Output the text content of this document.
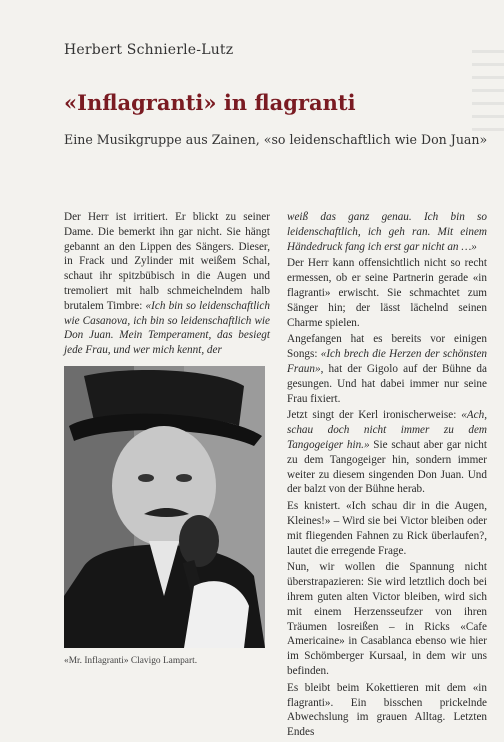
Herbert Schnierle-Lutz
«Inflagranti» in flagranti
Eine Musikgruppe aus Zainen, «so leidenschaftlich wie Don Juan»

Der Herr ist irritiert. Er blickt zu seiner Dame. Die bemerkt ihn gar nicht. Sie hängt gebannt an den Lippen des Sängers. Dieser, in Frack und Zylinder mit weißem Schal, schaut ihr spitzbübisch in die Augen und tremoliert mit halb schmeichelndem halb brutalem Timbre: «Ich bin so leidenschaftlich wie Casanova, ich bin so leidenschaftlich wie Don Juan. Mein Temperament, das besiegt jede Frau, und wer mich kennt, der

«Mr. Inflagranti» Clavigo Lampart.

weiß das ganz genau. Ich bin so leidenschaftlich, ich geh ran. Mit einem Händedruck fang ich erst gar nicht an …»

Der Herr kann offensichtlich nicht so recht ermessen, ob er seine Partnerin gerade «in flagranti» erwischt. Sie schmachtet zum Sänger hin; der lässt lächelnd seinen Charme spielen.

Angefangen hat es bereits vor einigen Songs: «Ich brech die Herzen der schönsten Fraun», hat der Gigolo auf der Bühne da gesungen. Und hat dabei immer nur seine Frau fixiert.

Jetzt singt der Kerl ironischerweise: «Ach, schau doch nicht immer zu dem Tangogeiger hin.» Sie schaut aber gar nicht zu dem Tangogeiger hin, sondern immer weiter zu diesem singenden Don Juan. Und der balzt von der Bühne herab.

Es knistert. «Ich schau dir in die Augen, Kleines!» – Wird sie bei Victor bleiben oder mit fliegenden Fahnen zu Rick überlaufen?, lautet die erregende Frage.

Nun, wir wollen die Spannung nicht überstrapazieren: Sie wird letztlich doch bei ihrem guten alten Victor bleiben, wird sich mit einem Herzensseufzer von ihren Träumen losreißen – in Ricks «Cafe Americaine» in Casablanca ebenso wie hier im Schömberger Kursaal, in dem wir uns befinden.

Es bleibt beim Kokettieren mit dem «in flagranti». Ein bisschen prickelnde Abwechslung im grauen Alltag. Letzten Endes
